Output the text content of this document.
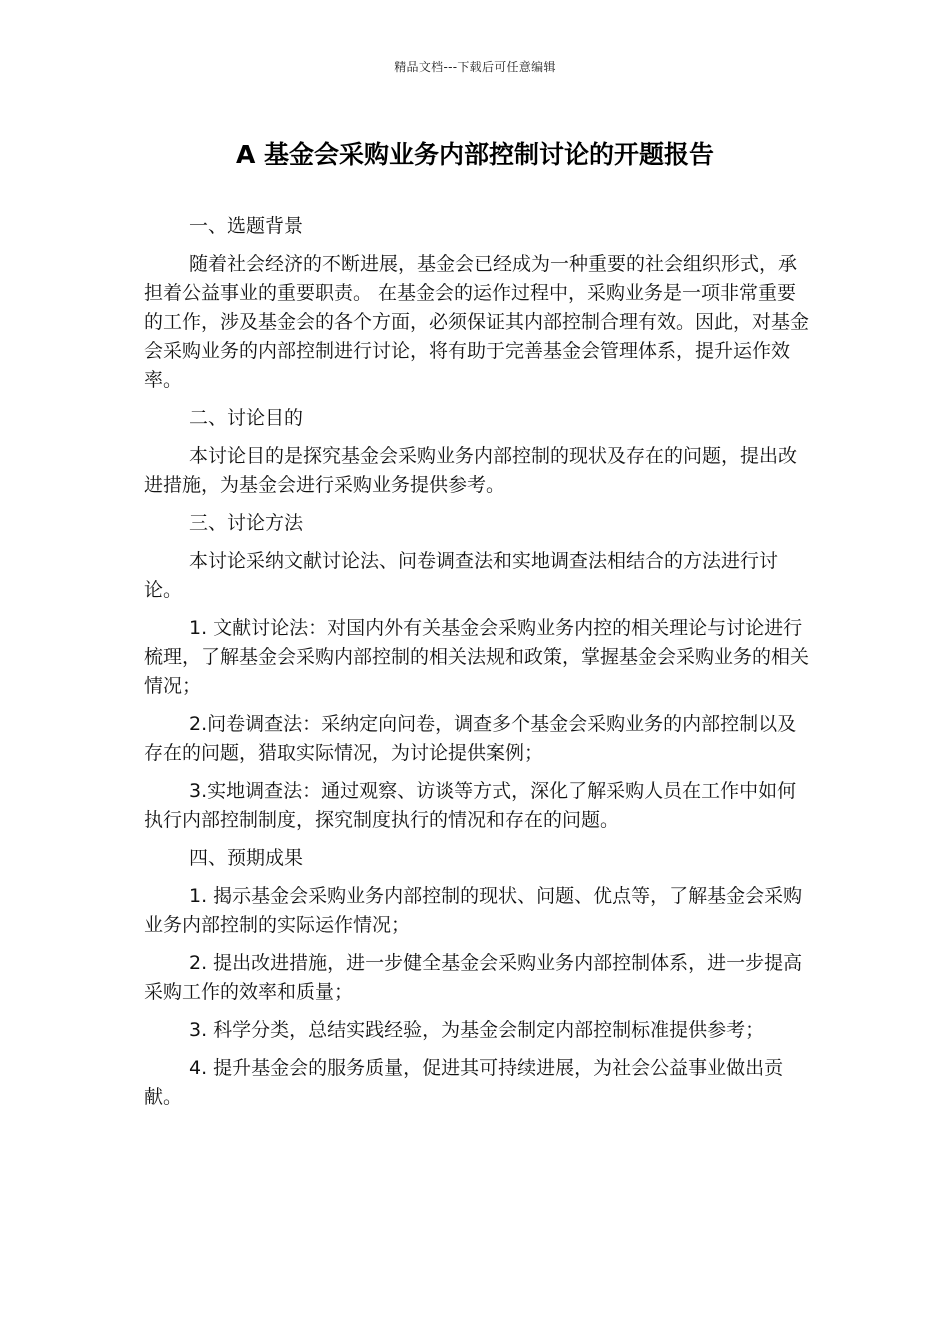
精品文档---下载后可任意编辑
A 基金会采购业务内部控制讨论的开题报告

一、选题背景

随着社会经济的不断进展，基金会已经成为一种重要的社会组织形式，承担着公益事业的重要职责。 在基金会的运作过程中，采购业务是一项非常重要的工作，涉及基金会的各个方面，必须保证其内部控制合理有效。因此，对基金会采购业务的内部控制进行讨论，将有助于完善基金会管理体系，提升运作效率。

二、讨论目的

本讨论目的是探究基金会采购业务内部控制的现状及存在的问题，提出改进措施，为基金会进行采购业务提供参考。

三、讨论方法

本讨论采纳文献讨论法、问卷调查法和实地调查法相结合的方法进行讨论。

1. 文献讨论法：对国内外有关基金会采购业务内控的相关理论与讨论进行梳理，了解基金会采购内部控制的相关法规和政策，掌握基金会采购业务的相关情况；

2.问卷调查法：采纳定向问卷，调查多个基金会采购业务的内部控制以及存在的问题，猎取实际情况，为讨论提供案例；

3.实地调查法：通过观察、访谈等方式，深化了解采购人员在工作中如何执行内部控制制度，探究制度执行的情况和存在的问题。

四、预期成果

1. 揭示基金会采购业务内部控制的现状、问题、优点等，了解基金会采购业务内部控制的实际运作情况；

2. 提出改进措施，进一步健全基金会采购业务内部控制体系，进一步提高采购工作的效率和质量；

3. 科学分类，总结实践经验，为基金会制定内部控制标准提供参考；

4. 提升基金会的服务质量，促进其可持续进展，为社会公益事业做出贡献。
